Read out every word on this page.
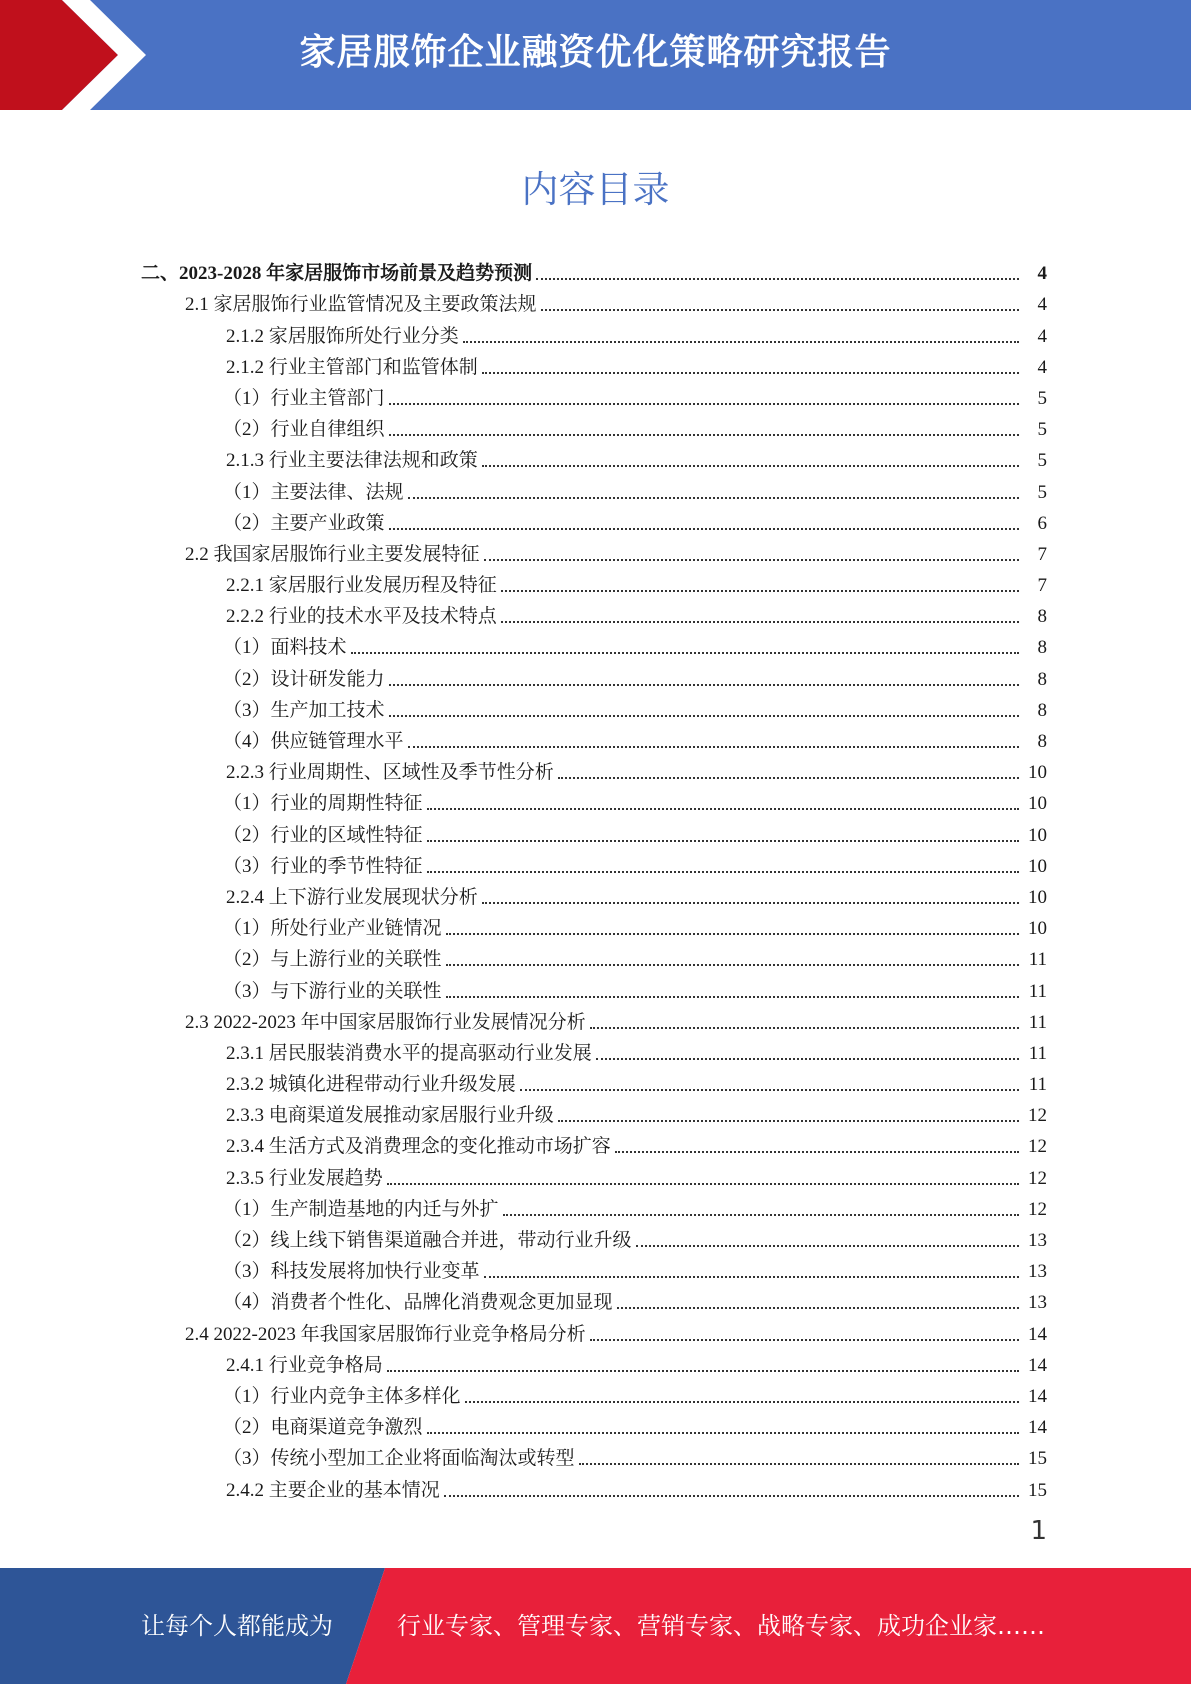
家居服饰企业融资优化策略研究报告
内容目录
二、2023-2028 年家居服饰市场前景及趋势预测	4
2.1 家居服饰行业监管情况及主要政策法规	4
2.1.2 家居服饰所处行业分类	4
2.1.2 行业主管部门和监管体制	4
（1）行业主管部门	5
（2）行业自律组织	5
2.1.3 行业主要法律法规和政策	5
（1）主要法律、法规	5
（2）主要产业政策	6
2.2 我国家居服饰行业主要发展特征	7
2.2.1 家居服行业发展历程及特征	7
2.2.2 行业的技术水平及技术特点	8
（1）面料技术	8
（2）设计研发能力	8
（3）生产加工技术	8
（4）供应链管理水平	8
2.2.3 行业周期性、区域性及季节性分析	10
（1）行业的周期性特征	10
（2）行业的区域性特征	10
（3）行业的季节性特征	10
2.2.4 上下游行业发展现状分析	10
（1）所处行业产业链情况	10
（2）与上游行业的关联性	11
（3）与下游行业的关联性	11
2.3 2022-2023 年中国家居服饰行业发展情况分析	11
2.3.1 居民服装消费水平的提高驱动行业发展	11
2.3.2 城镇化进程带动行业升级发展	11
2.3.3 电商渠道发展推动家居服行业升级	12
2.3.4 生活方式及消费理念的变化推动市场扩容	12
2.3.5 行业发展趋势	12
（1）生产制造基地的内迁与外扩	12
（2）线上线下销售渠道融合并进，带动行业升级	13
（3）科技发展将加快行业变革	13
（4）消费者个性化、品牌化消费观念更加显现	13
2.4 2022-2023 年我国家居服饰行业竞争格局分析	14
2.4.1 行业竞争格局	14
（1）行业内竞争主体多样化	14
（2）电商渠道竞争激烈	14
（3）传统小型加工企业将面临淘汰或转型	15
2.4.2 主要企业的基本情况	15
1
让每个人都能成为	行业专家、管理专家、营销专家、战略专家、成功企业家……
